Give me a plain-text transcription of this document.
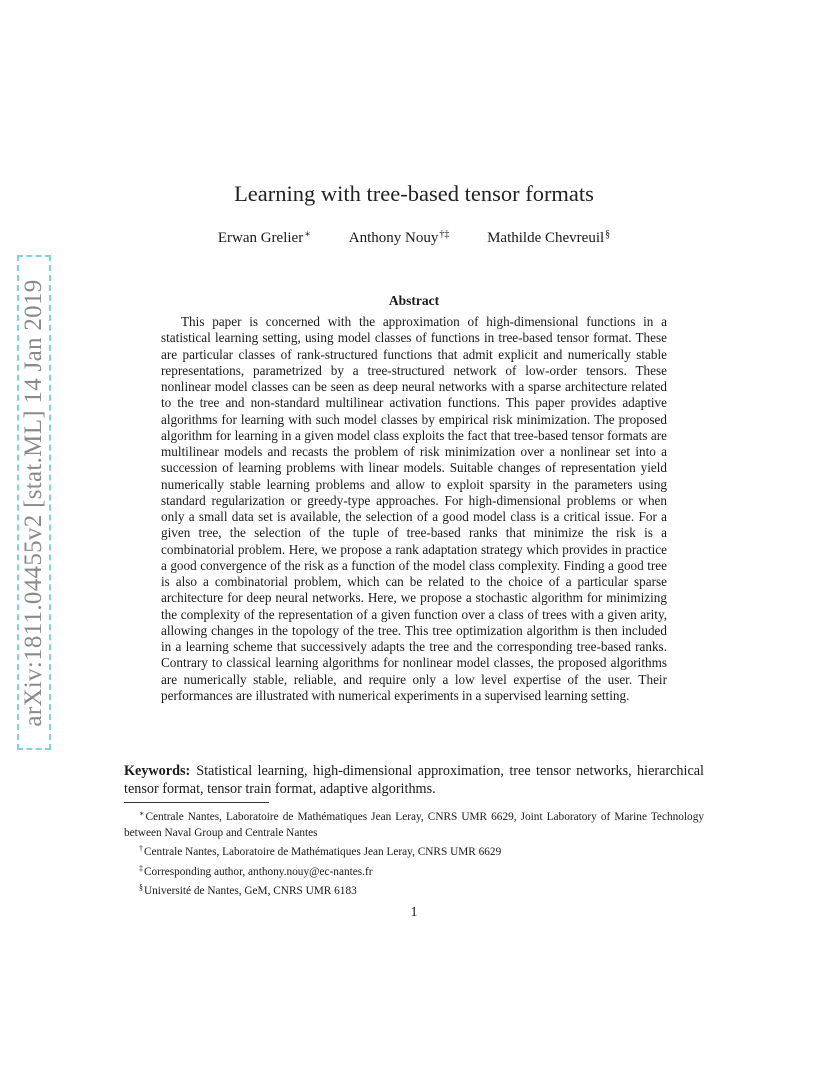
arXiv:1811.04455v2 [stat.ML] 14 Jan 2019
Learning with tree-based tensor formats
Erwan Grelier∗	Anthony Nouy†‡	Mathilde Chevreuil§
Abstract

This paper is concerned with the approximation of high-dimensional functions in a statistical learning setting, using model classes of functions in tree-based tensor format. These are particular classes of rank-structured functions that admit explicit and numerically stable representations, parametrized by a tree-structured network of low-order tensors. These nonlinear model classes can be seen as deep neural networks with a sparse architecture related to the tree and non-standard multilinear activation functions. This paper provides adaptive algorithms for learning with such model classes by empirical risk minimization. The proposed algorithm for learning in a given model class exploits the fact that tree-based tensor formats are multilinear models and recasts the problem of risk minimization over a nonlinear set into a succession of learning problems with linear models. Suitable changes of representation yield numerically stable learning problems and allow to exploit sparsity in the parameters using standard regularization or greedy-type approaches. For high-dimensional problems or when only a small data set is available, the selection of a good model class is a critical issue. For a given tree, the selection of the tuple of tree-based ranks that minimize the risk is a combinatorial problem. Here, we propose a rank adaptation strategy which provides in practice a good convergence of the risk as a function of the model class complexity. Finding a good tree is also a combinatorial problem, which can be related to the choice of a particular sparse architecture for deep neural networks. Here, we propose a stochastic algorithm for minimizing the complexity of the representation of a given function over a class of trees with a given arity, allowing changes in the topology of the tree. This tree optimization algorithm is then included in a learning scheme that successively adapts the tree and the corresponding tree-based ranks. Contrary to classical learning algorithms for nonlinear model classes, the proposed algorithms are numerically stable, reliable, and require only a low level expertise of the user. Their performances are illustrated with numerical experiments in a supervised learning setting.

Keywords: Statistical learning, high-dimensional approximation, tree tensor networks, hierarchical tensor format, tensor train format, adaptive algorithms.

∗Centrale Nantes, Laboratoire de Mathématiques Jean Leray, CNRS UMR 6629, Joint Laboratory of Marine Technology between Naval Group and Centrale Nantes

†Centrale Nantes, Laboratoire de Mathématiques Jean Leray, CNRS UMR 6629

‡Corresponding author, anthony.nouy@ec-nantes.fr

§Université de Nantes, GeM, CNRS UMR 6183

1
